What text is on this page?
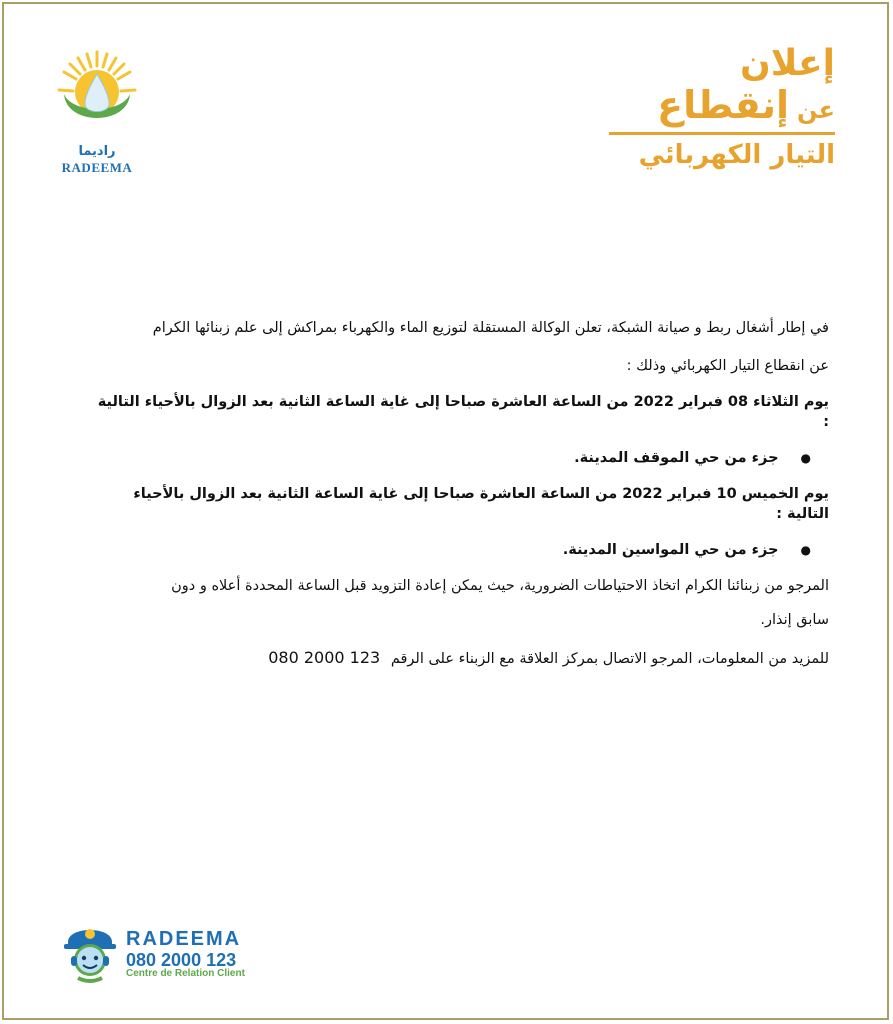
راديما
RADEEMA
إعلان
عن
إنقطاع
التيار الكهربائي

في إطار أشغال ربط و صيانة الشبكة، تعلن الوكالة المستقلة لتوزيع الماء والكهرباء بمراكش إلى علم زبنائها الكرام

عن انقطاع التيار الكهربائي وذلك :

يوم الثلاثاء 08 فبراير 2022 من الساعة العاشرة صباحا إلى غاية الساعة الثانية بعد الزوال بالأحياء التالية :

●
جزء من حي الموقف المدينة.

يوم الخميس 10 فبراير 2022 من الساعة العاشرة صباحا إلى غاية الساعة الثانية بعد الزوال بالأحياء التالية :

●
جزء من حي المواسين المدينة.

المرجو من زبنائنا الكرام اتخاذ الاحتياطات الضرورية، حيث يمكن إعادة التزويد قبل الساعة المحددة أعلاه و دون

سابق إنذار.

للمزيد من المعلومات، المرجو الاتصال بمركز العلاقة مع الزبناء على الرقم 080 2000 123

RADEEMA
080 2000 123
Centre de Relation Client
